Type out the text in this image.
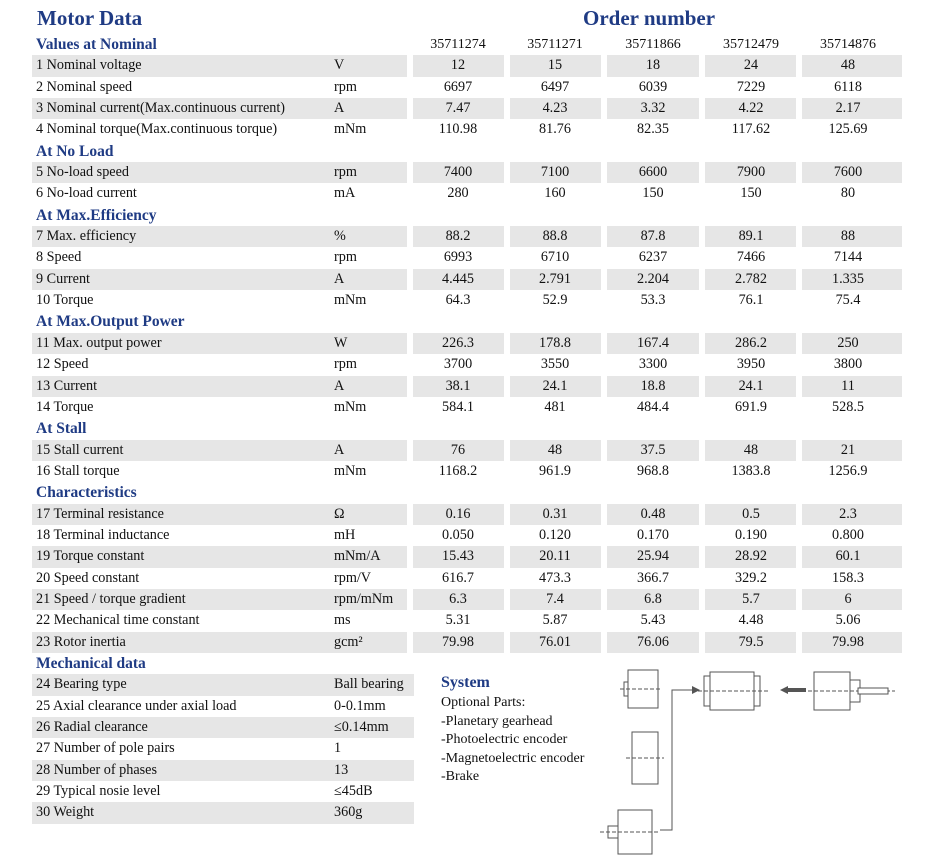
Motor Data	Order number
35711274	35711271	35711866	35712479	35714876
Values at Nominal
1 Nominal voltage	V	12	15	18	24	48
2 Nominal speed	rpm	6697	6497	6039	7229	6118
3 Nominal current(Max.continuous current)	A	7.47	4.23	3.32	4.22	2.17
4 Nominal torque(Max.continuous torque)	mNm	110.98	81.76	82.35	117.62	125.69
At No Load
5 No-load speed	rpm	7400	7100	6600	7900	7600
6 No-load current	mA	280	160	150	150	80
At Max.Efficiency
7 Max. efficiency	%	88.2	88.8	87.8	89.1	88
8 Speed	rpm	6993	6710	6237	7466	7144
9 Current	A	4.445	2.791	2.204	2.782	1.335
10 Torque	mNm	64.3	52.9	53.3	76.1	75.4
At Max.Output Power
11 Max. output power	W	226.3	178.8	167.4	286.2	250
12 Speed	rpm	3700	3550	3300	3950	3800
13 Current	A	38.1	24.1	18.8	24.1	11
14 Torque	mNm	584.1	481	484.4	691.9	528.5
At Stall
15 Stall current	A	76	48	37.5	48	21
16 Stall torque	mNm	1168.2	961.9	968.8	1383.8	1256.9
Characteristics
17 Terminal resistance	Ω	0.16	0.31	0.48	0.5	2.3
18 Terminal inductance	mH	0.050	0.120	0.170	0.190	0.800
19 Torque constant	mNm/A	15.43	20.11	25.94	28.92	60.1
20 Speed constant	rpm/V	616.7	473.3	366.7	329.2	158.3
21 Speed / torque gradient	rpm/mNm	6.3	7.4	6.8	5.7	6
22 Mechanical time constant	ms	5.31	5.87	5.43	4.48	5.06
23 Rotor inertia	gcm²	79.98	76.01	76.06	79.5	79.98
Mechanical data
24 Bearing type	Ball bearing
25 Axial clearance under axial load	0-0.1mm
26 Radial clearance	≤0.14mm
27 Number of pole pairs	1
28 Number of phases	13
29 Typical nosie level	≤45dB
30 Weight	360g
System
Optional Parts:
-Planetary gearhead
-Photoelectric encoder
-Magnetoelectric encoder
-Brake
